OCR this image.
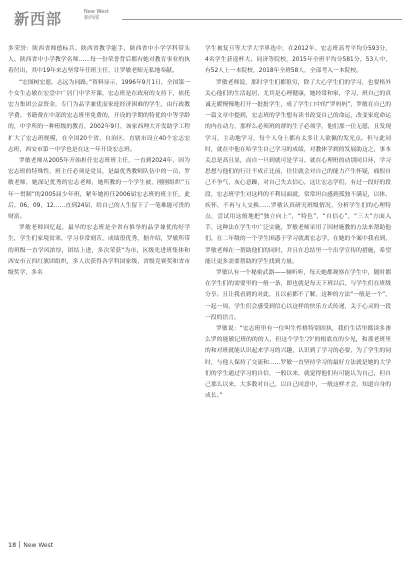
新西部	New West
新西部

多荣誉：陕西省师德标兵、陕西省教学能手、陕西省中小学学科带头人、陕西省中小学教学名师……每一份荣誉背后都有她对教育事业的执着付出，其中19年来志坚常年任班主任，让罗敏老师无私地奉献。

“宏图树宏愿，志远为同路。”资料显示，1996年9月1日，全国第一个女生志敏在宏壹中广居门中学开课，宏志班是在政府的支持下，依托宏力集团公益资金，专门为品学兼优而家庭经济困难的学生，由行政教学费、书籍费在中部的宏志班里免费的，开设的学期的特优的中等学龄的，中学所的一种班级的教育，2002年9月，该家西理大开发助学工程扩大了宏志班规模，在全国20个省，自治区，直辖市设立40个宏志宏志班，西安市第一中学也是在这一年开设宏志班。

罗敏老师从2005年开始担任宏志班班主任，一直到2024年，因为宏志班的特殊性，班主任必须是党员，是最优秀教师队伍中的一员，罗敏老师，她深记优秀的宏志老师，她所教的一个学生被，刚刚组织“五年一贯制”的2005届少年班，紧年她担任2006届宏志班的班主任，此后，06，09，12……直到24届，给自己的人生留下了一笔难能可贵的财富。

罗敏老师回忆起，最早的宏志班是全省有推举的品学兼优的好学生，学生们家境贫寒，学习非常刻苦，成绩很优秀，据介绍，罗敏所带的班级一直学风浓厚，团结上进，多次荣获“为市，区级先进班集体和西安市五四红旗团组织，多人次获得各学科国家级、省级竞赛奖和省市级奖学，多名

学生被复旦等大学大学界选中，在2012年、宏志班高考平均分593分，4名学生获返杯大、同济等院校，2015年全班平均分581分，53人中，有52人上一本院校，2018年全班58人，全部考入一本院校。

罗敏老师说，那时学生们都很穷，除了大心学生们的学习，也要格外关心他们的生活起居，尤其是心理健康，她经常和家，学习，班自己的真诚无暖慢慢地打开一批批学生，成了学生口中的“罗妈妈”，罗敏在自己的一篇文章中提到，宏志班的学生想有读书改变自己的命运，改变家庭命运的内在动力，那样么必须班的群的生子必须学，他们那一住无愿，且发现学习，主动地学习，每个人身上都有太多让人欲佩的发光点。但与此同时，就在中他在哈学生自己学习的成绩，对教体学到的发展助这之，事本关总是高且显，而自一旦到就可是学习、就在心理班的动别同目环，学习思想与他们的行让不成正比前，往往就会对自己的能力产生怀疑，痛恨自己不争气，灰心意躁，对自己失去信心，这让宏志学们，有过一段好的段段，宏志班学生对这样的不利局面就，常常坦白感到孤独不满足，以体，疾怀，不再与人交换……罗敏认真研究班级情况，分析学生们的心理特点，尝试用这般地把“独立向上”，“特色”，“自信心”，“三大”方面入手，这种法在学生中广泛实施，罗敏老师采用了因材施教的方法来帮助他们，在二年级的一个学生困惑于学习就离宏志学，在她的个案中我看到，罗敏老师在一帮助他们的同时，并且在总结里一个出学宣传的措施，希望能让更多需要帮助的学生找到力量。

罗敏认有一个秘密武器——倾听听，每天她都观察在学生中，随时都在学生们的需要里的一般一条，即也就是每天下班以后，与学生们在班级分享。且让我看到的对此，且以前都不了解，这种的方法“一般是一个”，一起一周，学生们会感受到信心以这样的快乐方式传递，关于心灵的一段一段的语言。

罗敏说：“宏志班里有一位叫生性格特别固执，我们生话里都读多渗么罗的能敏记班的的的人，但这个学生‘冷’的根底直的少见，和那老班里的和对班就能认识起来学习的兴趣，认识到了学习的必要，为了学生的同时，与他人保持了交流和……罗敏一直坚持学习的最好方法就是她的大学们的学生通过学习的自信，一般以来，就觉得他们有可能认为自己，但自己那么以来，大多数对自己，以自己同意中，一般这样才会，知道自身的成长。”

18 New West
